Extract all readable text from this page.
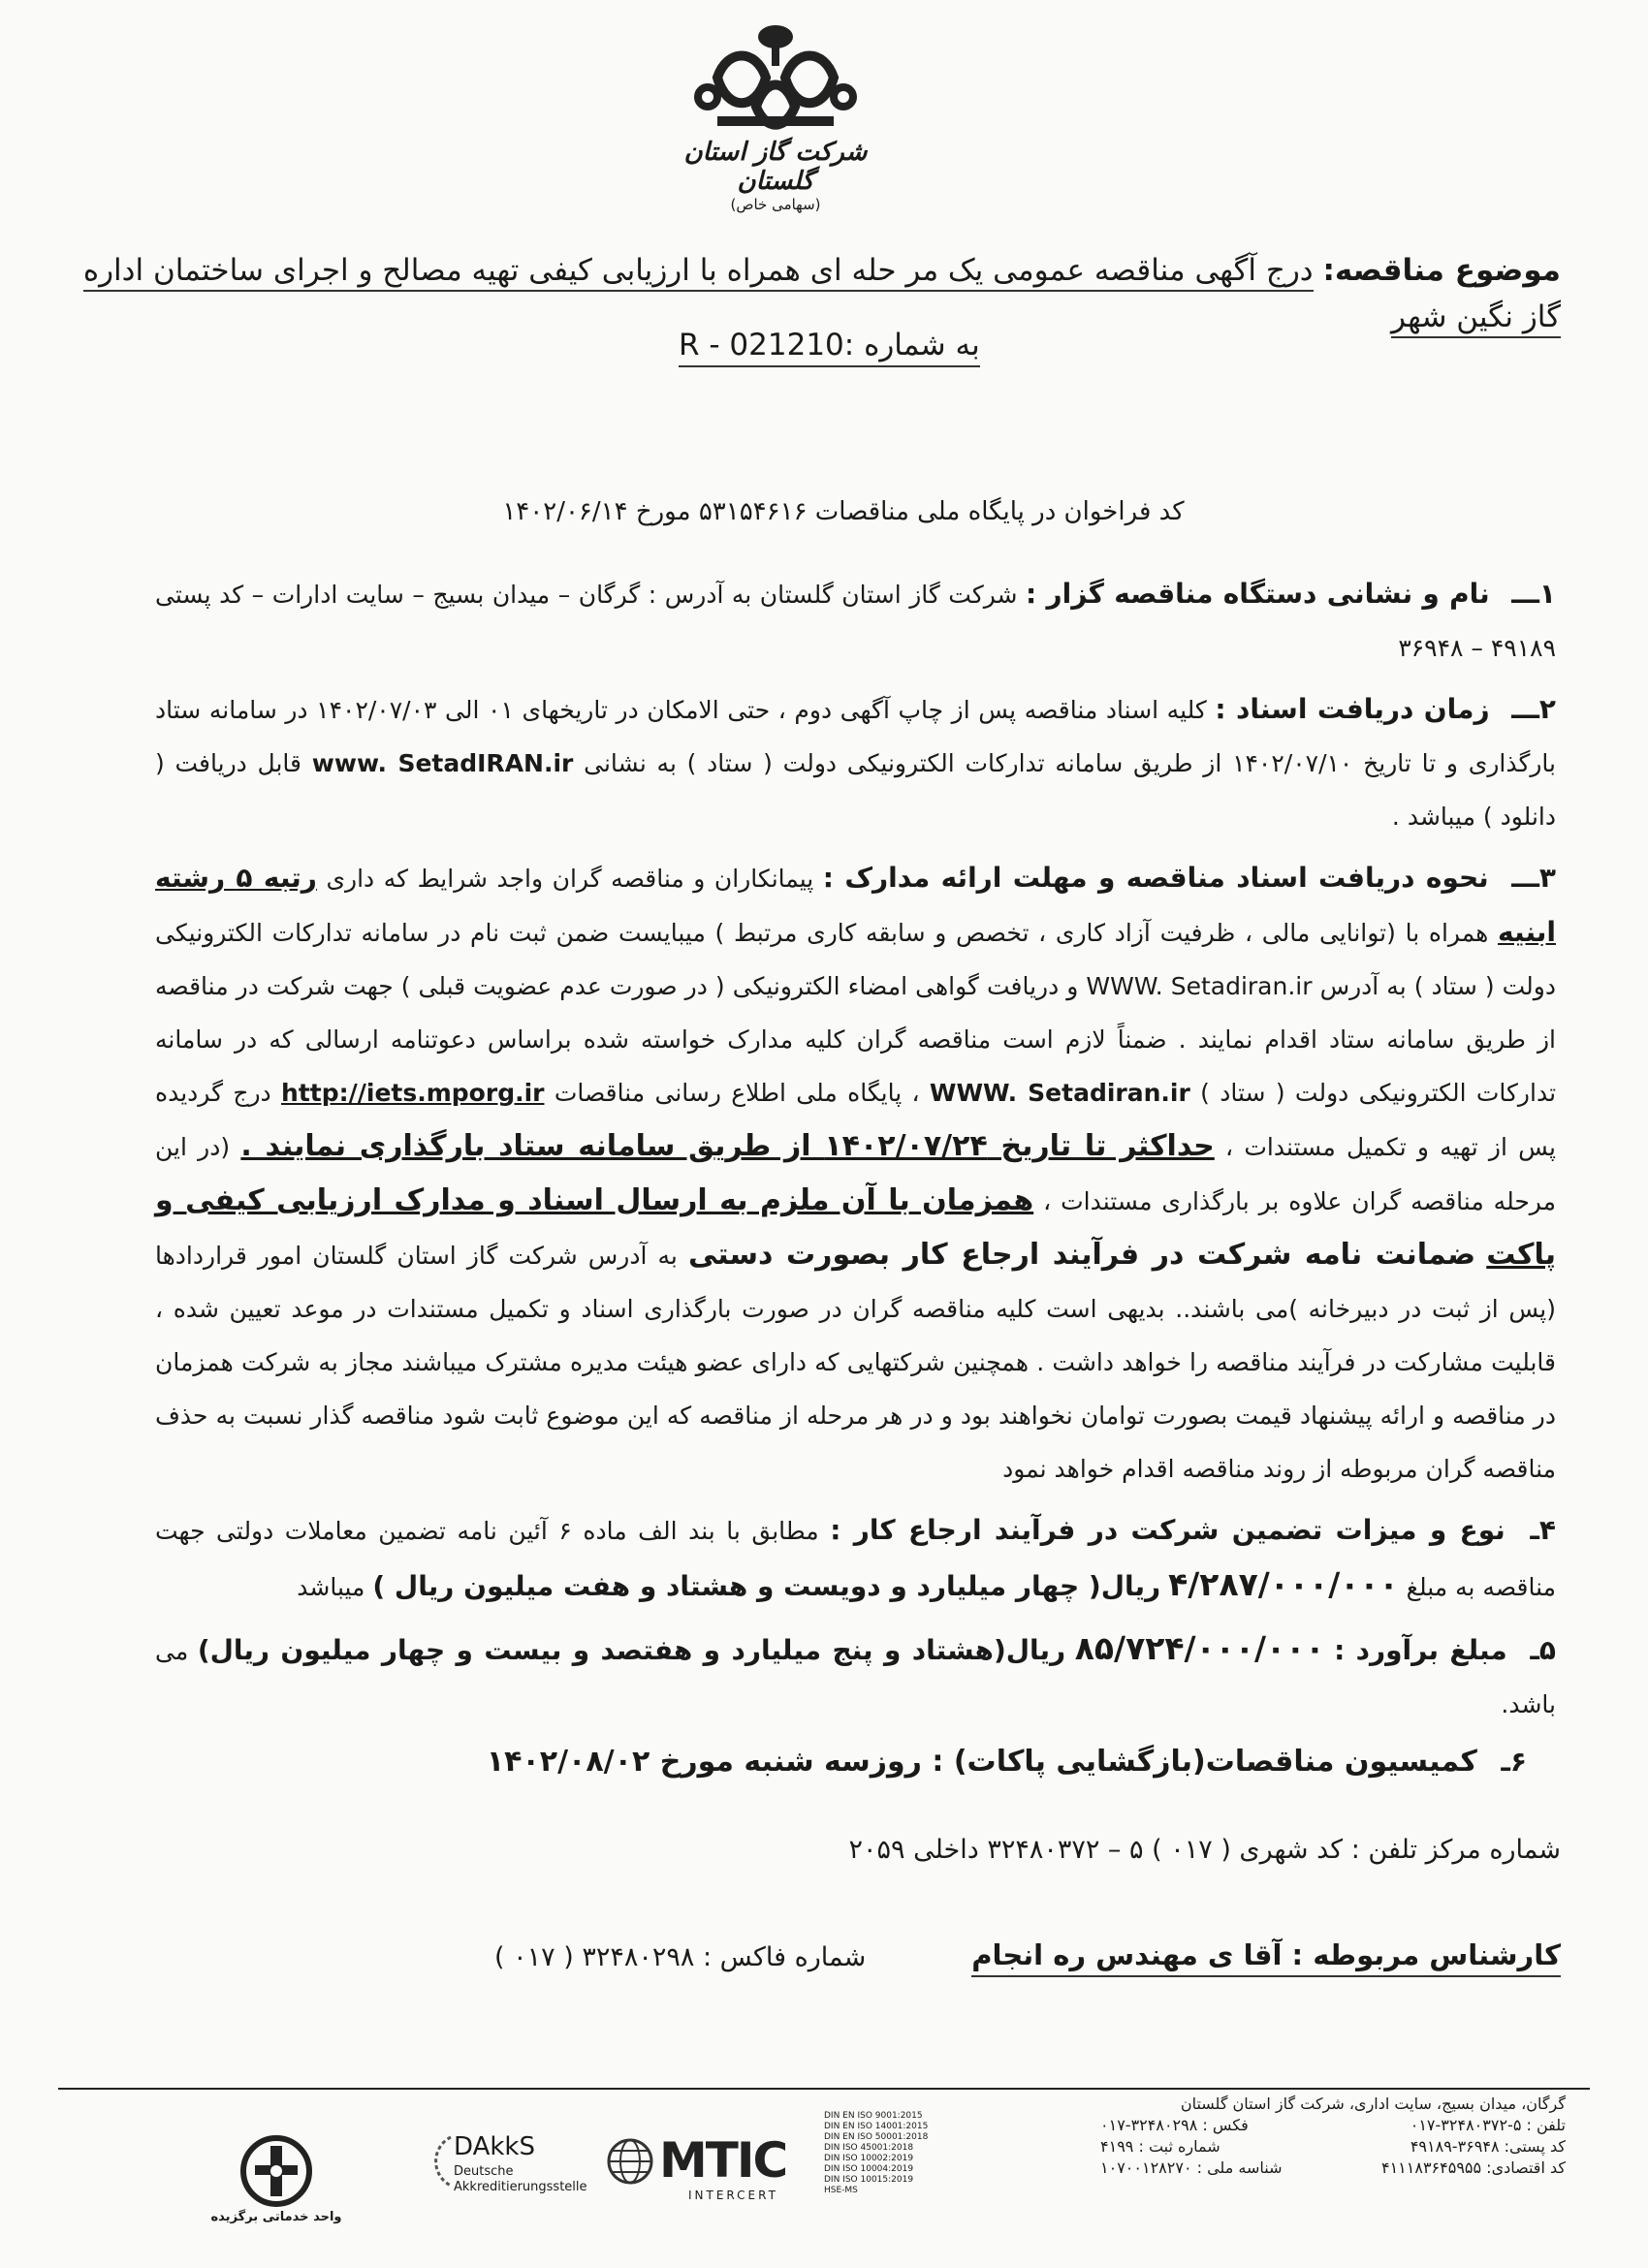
شرکت گاز استان گلستان
(سهامی خاص)
موضوع مناقصه: درج آگهی مناقصه عمومی یک مر حله ای همراه با ارزیابی کیفی تهیه مصالح و اجرای ساختمان اداره گاز نگین شهر
به شماره :R - 021210
کد فراخوان در پایگاه ملی مناقصات ۵۳۱۵۴۶۱۶ مورخ ۱۴۰۲/۰۶/۱۴

۱ـــ نام و نشانی دستگاه مناقصه گزار : شرکت گاز استان گلستان به آدرس : گرگان – میدان بسیج – سایت ادارات – کد پستی ۴۹۱۸۹ – ۳۶۹۴۸

۲ـــ زمان دریافت اسناد : کلیه اسناد مناقصه پس از چاپ آگهی دوم ، حتی الامکان در تاریخهای ۰۱ الی ۱۴۰۲/۰۷/۰۳ در سامانه ستاد بارگذاری و تا تاریخ ۱۴۰۲/۰۷/۱۰ از طریق سامانه تدارکات الکترونیکی دولت ( ستاد ) به نشانی www. SetadIRAN.ir قابل دریافت ( دانلود ) میباشد .

۳ـــ نحوه دریافت اسناد مناقصه و مهلت ارائه مدارک : پیمانکاران و مناقصه گران واجد شرایط که داری رتبه ۵ رشته ابنیه همراه با (توانایی مالی ، ظرفیت آزاد کاری ، تخصص و سابقه کاری مرتبط ) میبایست ضمن ثبت نام در سامانه تدارکات الکترونیکی دولت ( ستاد ) به آدرس WWW. Setadiran.ir و دریافت گواهی امضاء الکترونیکی ( در صورت عدم عضویت قبلی ) جهت شرکت در مناقصه از طریق سامانه ستاد اقدام نمایند . ضمناً لازم است مناقصه گران کلیه مدارک خواسته شده براساس دعوتنامه ارسالی که در سامانه تدارکات الکترونیکی دولت ( ستاد ) WWW. Setadiran.ir ، پایگاه ملی اطلاع رسانی مناقصات http://iets.mporg.ir درج گردیده پس از تهیه و تکمیل مستندات ، حداکثر تا تاریخ ۱۴۰۲/۰۷/۲۴ از طریق سامانه ستاد بارگذاری نمایند . (در این مرحله مناقصه گران علاوه بر بارگذاری مستندات ، همزمان با آن ملزم به ارسال اسناد و مدارک ارزیابی کیفی و پاکت ضمانت نامه شرکت در فرآیند ارجاع کار بصورت دستی به آدرس شرکت گاز استان گلستان امور قراردادها (پس از ثبت در دبیرخانه )می باشند.. بدیهی است کلیه مناقصه گران در صورت بارگذاری اسناد و تکمیل مستندات در موعد تعیین شده ، قابلیت مشارکت در فرآیند مناقصه را خواهد داشت . همچنین شرکتهایی که دارای عضو هیئت مدیره مشترک میباشند مجاز به شرکت همزمان در مناقصه و ارائه پیشنهاد قیمت بصورت توامان نخواهند بود و در هر مرحله از مناقصه که این موضوع ثابت شود مناقصه گذار نسبت به حذف مناقصه گران مربوطه از روند مناقصه اقدام خواهد نمود

۴ـ نوع و میزات تضمین شرکت در فرآیند ارجاع کار : مطابق با بند الف ماده ۶ آئین نامه تضمین معاملات دولتی جهت مناقصه به مبلغ ۴/۲۸۷/۰۰۰/۰۰۰ ریال( چهار میلیارد و دویست و هشتاد و هفت میلیون ریال ) میباشد

۵ـ مبلغ برآورد : ۸۵/۷۲۴/۰۰۰/۰۰۰ ریال(هشتاد و پنج میلیارد و هفتصد و بیست و چهار میلیون ریال) می باشد.

۶ـ کمیسیون مناقصات(بازگشایی پاکات) : روزسه شنبه مورخ ۱۴۰۲/۰۸/۰۲
شماره مرکز تلفن : کد شهری ( ۰۱۷ ) ۵ – ۳۲۴۸۰۳۷۲ داخلی ۲۰۵۹
کارشناس مربوطه : آقا ی مهندس ره انجام
شماره فاکس : ۳۲۴۸۰۲۹۸ ( ۰۱۷ )
گرگان، میدان بسیج، سایت اداری، شرکت گاز استان گلستان
تلفن : ۵-۳۲۴۸۰۳۷۲-۰۱۷
فکس : ۳۲۴۸۰۲۹۸-۰۱۷
کد پستی: ۳۶۹۴۸-۴۹۱۸۹
شماره ثبت : ۴۱۹۹
کد اقتصادی: ۴۱۱۱۸۳۶۴۵۹۵۵
شناسه ملی : ۱۰۷۰۰۱۲۸۲۷۰
DIN EN ISO 9001:2015
DIN EN ISO 14001:2015
DIN EN ISO 50001:2018
DIN ISO 45001:2018
DIN ISO 10002:2019
DIN ISO 10004:2019
DIN ISO 10015:2019
HSE-MS
MTIC
INTERCERT
DAkkS
Deutsche
Akkreditierungsstelle
واحد خدماتی برگزیده
